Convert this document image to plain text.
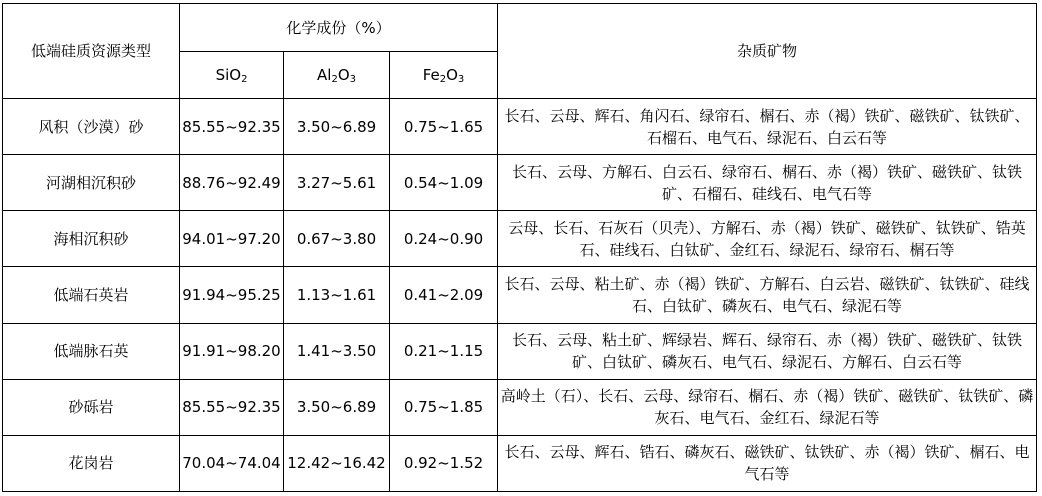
低端硅质资源类型	化学成份（%）			杂质矿物
	SiO$_2$	$Al_2O_3$	$Fe_2O_3$
风积（沙漠）砂	85.55~92.35	3.50~6.89	0.75~1.65	长石、云母、辉石、角闪石、绿帘石、榍石、赤（褐）铁矿、磁铁矿、钛铁矿、石榴石、电气石、绿泥石、白云石等
河湖相沉积砂	88.76~92.49	3.27~5.61	0.54~1.09	长石、云母、方解石、白云石、绿帘石、榍石、赤（褐）铁矿、磁铁矿、钛铁矿、石榴石、硅线石、电气石等
海相沉积砂	94.01~97.20	0.67~3.80	0.24~0.90	云母、长石、石灰石（贝壳）、方解石、赤（褐）铁矿、磁铁矿、钛铁矿、锆英石、硅线石、白钛矿、金红石、绿泥石、绿帘石、榍石等
低端石英岩	91.94~95.25	1.13~1.61	0.41~2.09	长石、云母、粘土矿、赤（褐）铁矿、方解石、白云岩、磁铁矿、钛铁矿、硅线石、白钛矿、磷灰石、电气石、绿泥石等
低端脉石英	91.91~98.20	1.41~3.50	0.21~1.15	长石、云母、粘土矿、辉绿岩、辉石、绿帘石、赤（褐）铁矿、磁铁矿、钛铁矿、白钛矿、磷灰石、电气石、绿泥石、方解石、白云石等
砂砾岩	85.55~92.35	3.50~6.89	0.75~1.85	高岭土（石）、长石、云母、绿帘石、榍石、赤（褐）铁矿、磁铁矿、钛铁矿、磷灰石、电气石、金红石、绿泥石等
花岗岩	70.04~74.04	12.42~16.42	0.92~1.52	长石、云母、辉石、锆石、磷灰石、磁铁矿、钛铁矿、赤（褐）铁矿、榍石、电气石等
